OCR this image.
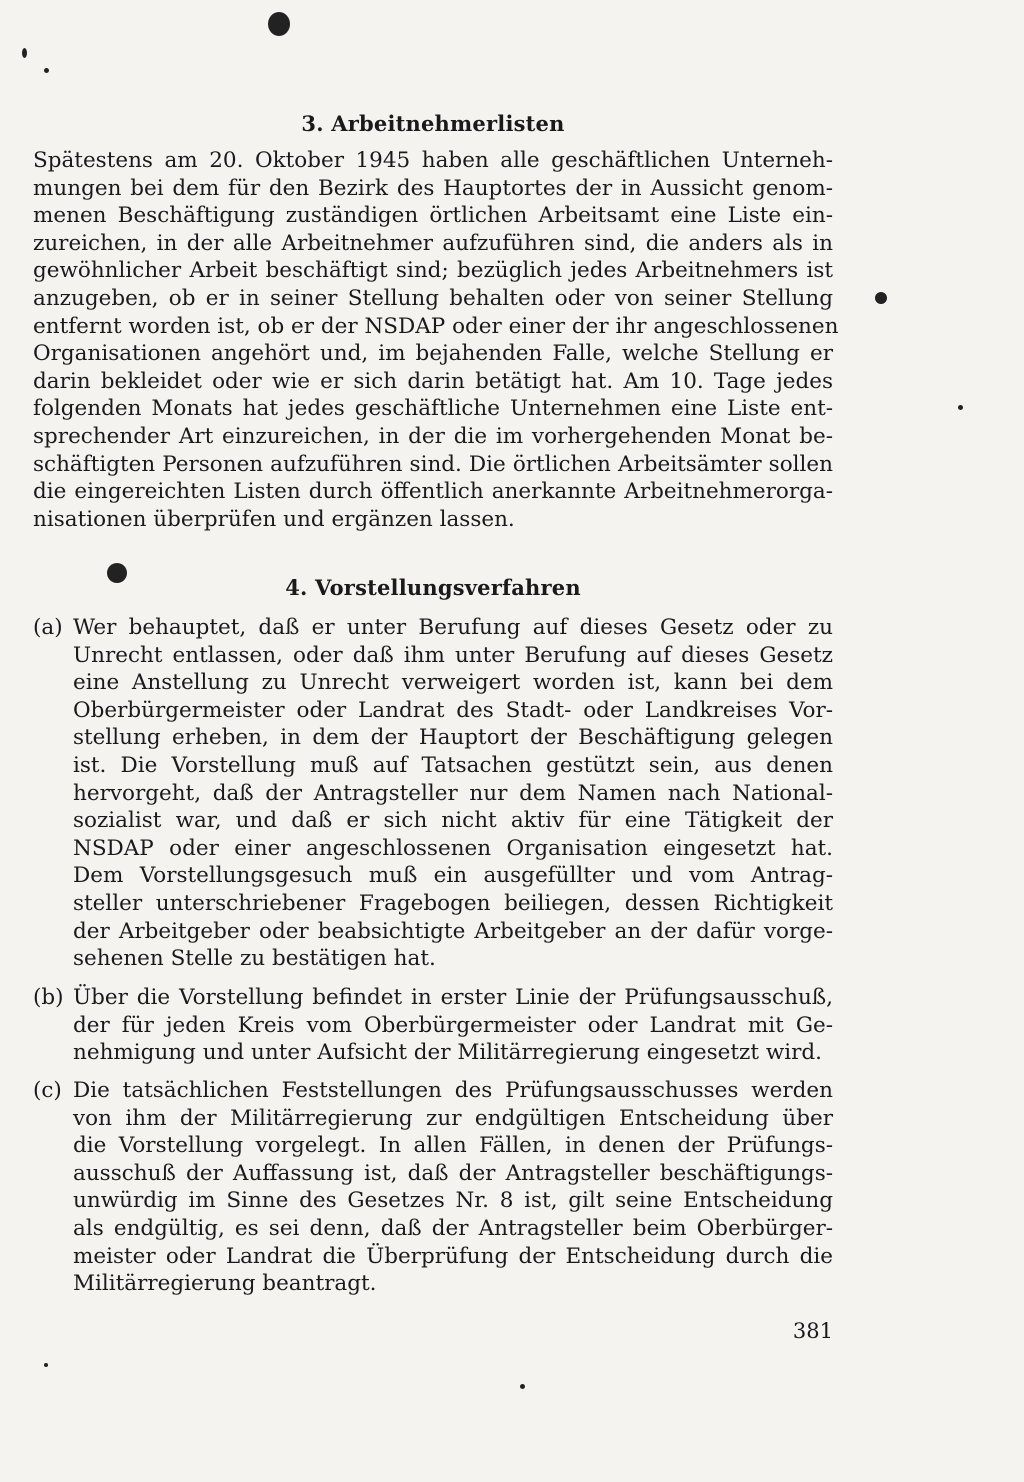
3. Arbeitnehmerlisten
Spätestens am 20. Oktober 1945 haben alle geschäftlichen Unterneh-
mungen bei dem für den Bezirk des Hauptortes der in Aussicht genom-
menen Beschäftigung zuständigen örtlichen Arbeitsamt eine Liste ein-
zureichen, in der alle Arbeitnehmer aufzuführen sind, die anders als in
gewöhnlicher Arbeit beschäftigt sind; bezüglich jedes Arbeitnehmers ist
anzugeben, ob er in seiner Stellung behalten oder von seiner Stellung
entfernt worden ist, ob er der NSDAP oder einer der ihr angeschlossenen
Organisationen angehört und, im bejahenden Falle, welche Stellung er
darin bekleidet oder wie er sich darin betätigt hat. Am 10. Tage jedes
folgenden Monats hat jedes geschäftliche Unternehmen eine Liste ent-
sprechender Art einzureichen, in der die im vorhergehenden Monat be-
schäftigten Personen aufzuführen sind. Die örtlichen Arbeitsämter sollen
die eingereichten Listen durch öffentlich anerkannte Arbeitnehmerorga-
nisationen überprüfen und ergänzen lassen.
4. Vorstellungsverfahren
(a) Wer behauptet, daß er unter Berufung auf dieses Gesetz oder zu
Unrecht entlassen, oder daß ihm unter Berufung auf dieses Gesetz
eine Anstellung zu Unrecht verweigert worden ist, kann bei dem
Oberbürgermeister oder Landrat des Stadt- oder Landkreises Vor-
stellung erheben, in dem der Hauptort der Beschäftigung gelegen
ist. Die Vorstellung muß auf Tatsachen gestützt sein, aus denen
hervorgeht, daß der Antragsteller nur dem Namen nach National-
sozialist war, und daß er sich nicht aktiv für eine Tätigkeit der
NSDAP oder einer angeschlossenen Organisation eingesetzt hat.
Dem Vorstellungsgesuch muß ein ausgefüllter und vom Antrag-
steller unterschriebener Fragebogen beiliegen, dessen Richtigkeit
der Arbeitgeber oder beabsichtigte Arbeitgeber an der dafür vorge-
sehenen Stelle zu bestätigen hat.
(b) Über die Vorstellung befindet in erster Linie der Prüfungsausschuß,
der für jeden Kreis vom Oberbürgermeister oder Landrat mit Ge-
nehmigung und unter Aufsicht der Militärregierung eingesetzt wird.
(c) Die tatsächlichen Feststellungen des Prüfungsausschusses werden
von ihm der Militärregierung zur endgültigen Entscheidung über
die Vorstellung vorgelegt. In allen Fällen, in denen der Prüfungs-
ausschuß der Auffassung ist, daß der Antragsteller beschäftigungs-
unwürdig im Sinne des Gesetzes Nr. 8 ist, gilt seine Entscheidung
als endgültig, es sei denn, daß der Antragsteller beim Oberbürger-
meister oder Landrat die Überprüfung der Entscheidung durch die
Militärregierung beantragt.
381
